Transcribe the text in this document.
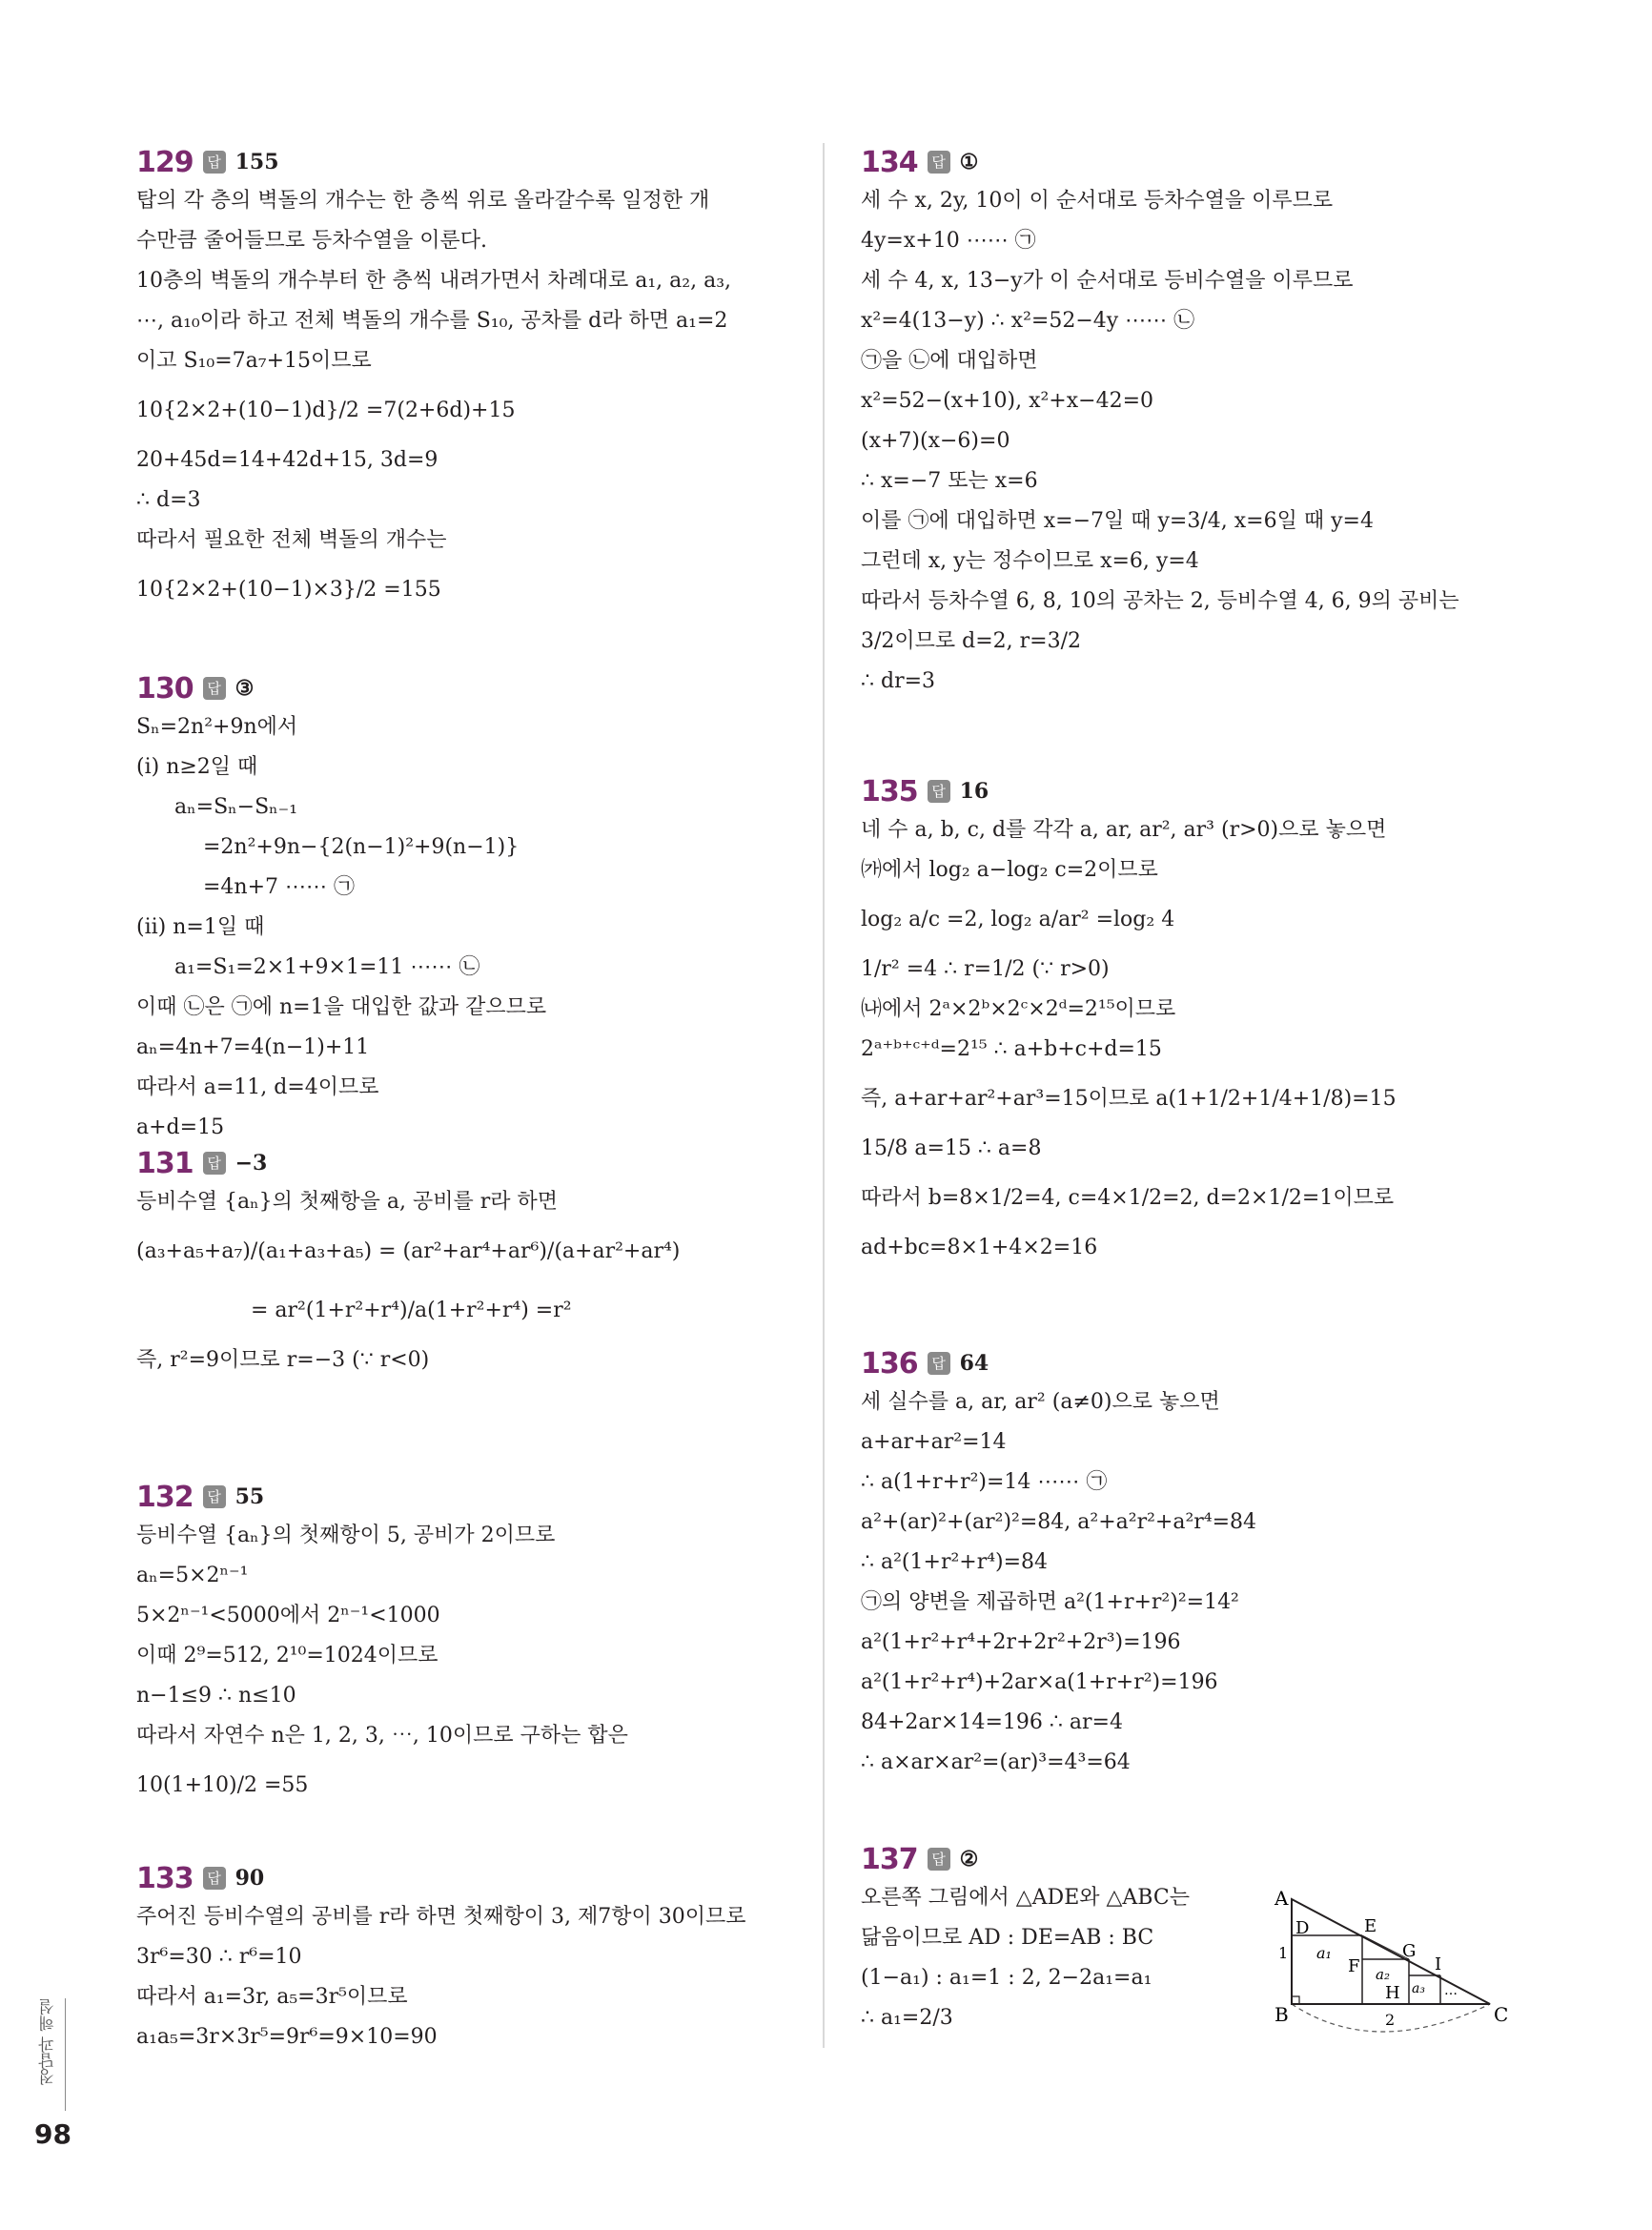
129 답 155
탑의 각 층의 벽돌의 개수는 한 층씩 위로 올라갈수록 일정한 개
수만큼 줄어들므로 등차수열을 이룬다.
10층의 벽돌의 개수부터 한 층씩 내려가면서 차례대로 a₁, a₂, a₃,
⋯, a₁₀이라 하고 전체 벽돌의 개수를 S₁₀, 공차를 d라 하면 a₁=2
이고 S₁₀=7a₇+15이므로
10{2×2+(10−1)d}/2 =7(2+6d)+15
20+45d=14+42d+15, 3d=9
∴ d=3
따라서 필요한 전체 벽돌의 개수는
10{2×2+(10−1)×3}/2 =155
130 답 ③
Sₙ=2n²+9n에서
(ⅰ) n≥2일 때
aₙ=Sₙ−Sₙ₋₁
=2n²+9n−{2(n−1)²+9(n−1)}
=4n+7 ⋯⋯ ㉠
(ⅱ) n=1일 때
a₁=S₁=2×1+9×1=11 ⋯⋯ ㉡
이때 ㉡은 ㉠에 n=1을 대입한 값과 같으므로
aₙ=4n+7=4(n−1)+11
따라서 a=11, d=4이므로
a+d=15
131 답 −3
등비수열 {aₙ}의 첫째항을 a, 공비를 r라 하면
(a₃+a₅+a₇)/(a₁+a₃+a₅) = (ar²+ar⁴+ar⁶)/(a+ar²+ar⁴)
= ar²(1+r²+r⁴)/a(1+r²+r⁴) =r²
즉, r²=9이므로 r=−3 (∵ r<0)
132 답 55
등비수열 {aₙ}의 첫째항이 5, 공비가 2이므로
aₙ=5×2ⁿ⁻¹
5×2ⁿ⁻¹<5000에서 2ⁿ⁻¹<1000
이때 2⁹=512, 2¹⁰=1024이므로
n−1≤9 ∴ n≤10
따라서 자연수 n은 1, 2, 3, ⋯, 10이므로 구하는 합은
10(1+10)/2 =55
133 답 90
주어진 등비수열의 공비를 r라 하면 첫째항이 3, 제7항이 30이므로
3r⁶=30 ∴ r⁶=10
따라서 a₁=3r, a₅=3r⁵이므로
a₁a₅=3r×3r⁵=9r⁶=9×10=90
134 답 ①
세 수 x, 2y, 10이 이 순서대로 등차수열을 이루므로
4y=x+10 ⋯⋯ ㉠
세 수 4, x, 13−y가 이 순서대로 등비수열을 이루므로
x²=4(13−y) ∴ x²=52−4y ⋯⋯ ㉡
㉠을 ㉡에 대입하면
x²=52−(x+10), x²+x−42=0
(x+7)(x−6)=0
∴ x=−7 또는 x=6
이를 ㉠에 대입하면 x=−7일 때 y=3/4, x=6일 때 y=4
그런데 x, y는 정수이므로 x=6, y=4
따라서 등차수열 6, 8, 10의 공차는 2, 등비수열 4, 6, 9의 공비는
3/2이므로 d=2, r=3/2
∴ dr=3
135 답 16
네 수 a, b, c, d를 각각 a, ar, ar², ar³ (r>0)으로 놓으면
㈎에서 log₂ a−log₂ c=2이므로
log₂ a/c =2, log₂ a/ar² =log₂ 4
1/r² =4 ∴ r=1/2 (∵ r>0)
㈏에서 2ᵃ×2ᵇ×2ᶜ×2ᵈ=2¹⁵이므로
2ᵃ⁺ᵇ⁺ᶜ⁺ᵈ=2¹⁵ ∴ a+b+c+d=15
즉, a+ar+ar²+ar³=15이므로 a(1+1/2+1/4+1/8)=15
15/8 a=15 ∴ a=8
따라서 b=8×1/2=4, c=4×1/2=2, d=2×1/2=1이므로
ad+bc=8×1+4×2=16
136 답 64
세 실수를 a, ar, ar² (a≠0)으로 놓으면
a+ar+ar²=14
∴ a(1+r+r²)=14 ⋯⋯ ㉠
a²+(ar)²+(ar²)²=84, a²+a²r²+a²r⁴=84
∴ a²(1+r²+r⁴)=84
㉠의 양변을 제곱하면 a²(1+r+r²)²=14²
a²(1+r²+r⁴+2r+2r²+2r³)=196
a²(1+r²+r⁴)+2ar×a(1+r+r²)=196
84+2ar×14=196 ∴ ar=4
∴ a×ar×ar²=(ar)³=4³=64
137 답 ②
오른쪽 그림에서 △ADE와 △ABC는
닮음이므로 AD : DE=AB : BC
(1−a₁) : a₁=1 : 2, 2−2a₁=a₁
∴ a₁=2/3
A
B	C
D	E
F
G
H
I
1
2
a₁
a₂
a₃ …
정답과 해설
98
